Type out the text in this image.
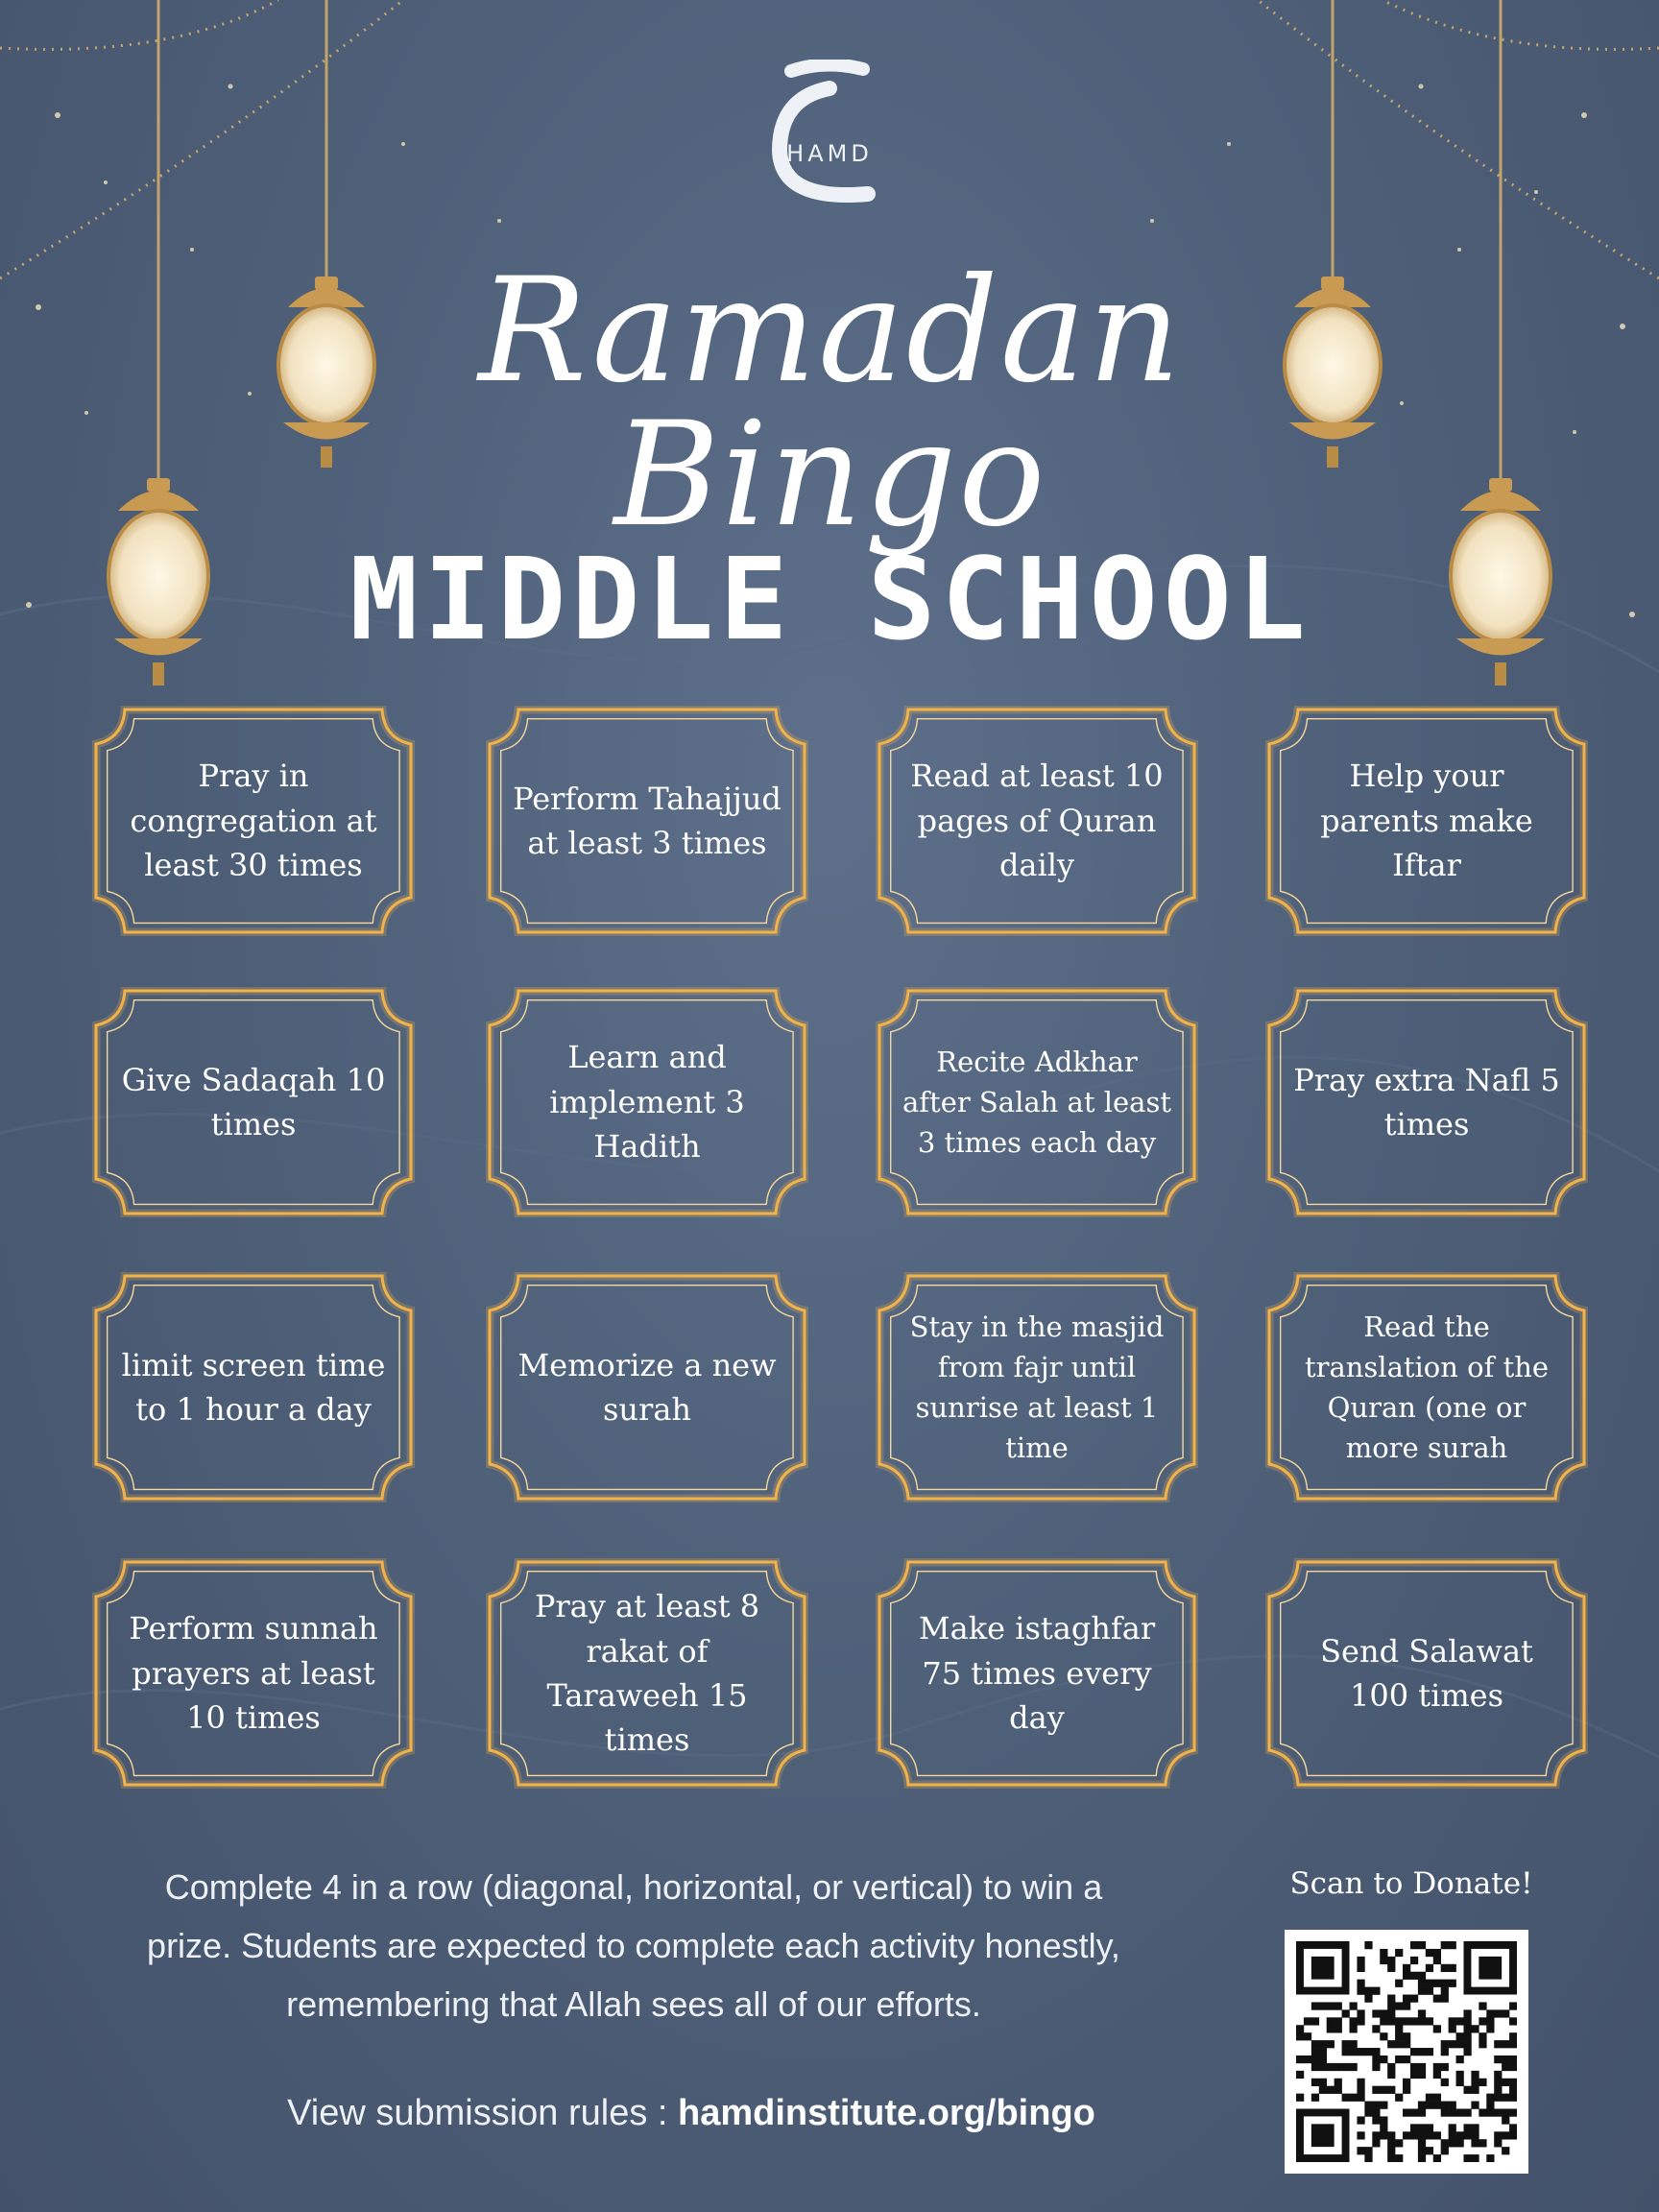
HAMD
Ramadan Bingo
MIDDLE SCHOOL
Pray in congregation at least 30 times
Perform Tahajjud at least 3 times
Read at least 10 pages of Quran daily
Help your parents make Iftar
Give Sadaqah 10 times
Learn and implement 3 Hadith
Recite Adkhar after Salah at least 3 times each day
Pray extra Nafl 5 times
limit screen time to 1 hour a day
Memorize a new surah
Stay in the masjid from fajr until sunrise at least 1 time
Read the translation of the Quran (one or more surah
Perform sunnah prayers at least 10 times
Pray at least 8 rakat of Taraweeh 15 times
Make istaghfar 75 times every day
Send Salawat 100 times
Complete 4 in a row (diagonal, horizontal, or vertical) to win a prize. Students are expected to complete each activity honestly, remembering that Allah sees all of our efforts.
View submission rules : hamdinstitute.org/bingo
Scan to Donate!
